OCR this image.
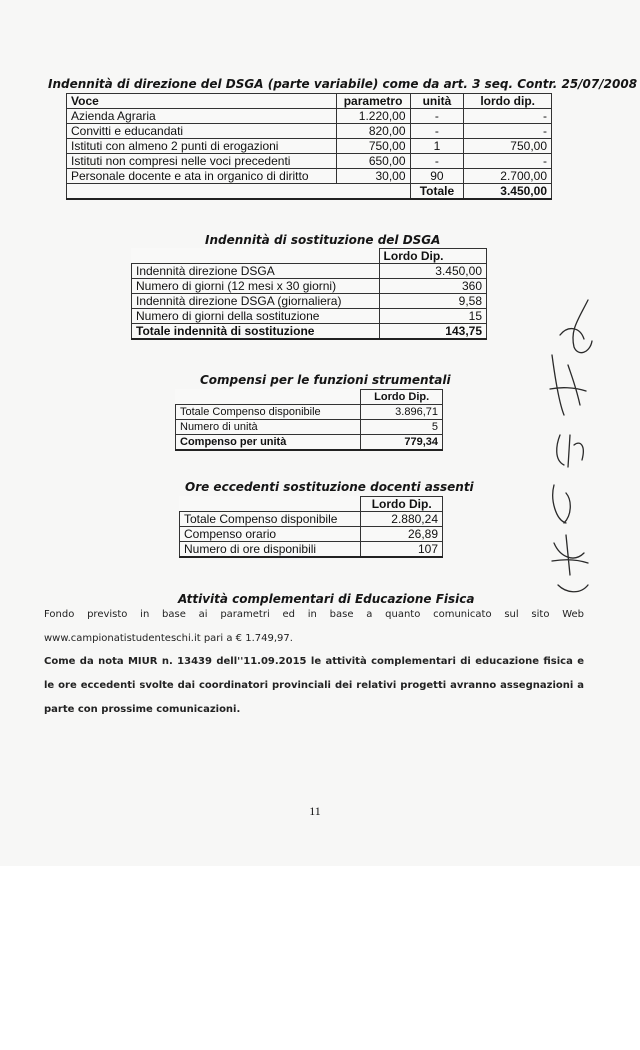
Indennità di direzione del DSGA (parte variabile) come da art. 3 seq. Contr. 25/07/2008
Voce	parametro	unità	lordo dip.
Azienda Agraria	1.220,00	-	-
Convitti e educandati	820,00	-	-
Istituti con almeno 2 punti di erogazioni	750,00	1	750,00
Istituti non compresi nelle voci precedenti	650,00	-	-
Personale docente e ata in organico di diritto	30,00	90	2.700,00
		Totale	3.450,00
Indennità di sostituzione del DSGA
	Lordo Dip.
Indennità direzione DSGA	3.450,00
Numero di giorni (12 mesi x 30 giorni)	360
Indennità direzione DSGA (giornaliera)	9,58
Numero di giorni della sostituzione	15
Totale indennità di sostituzione	143,75
Compensi per le funzioni strumentali
	Lordo Dip.
Totale Compenso disponibile	3.896,71
Numero di unità	5
Compenso per unità	779,34
Ore eccedenti sostituzione docenti assenti
	Lordo Dip.
Totale Compenso disponibile	2.880,24
Compenso orario	26,89
Numero di ore disponibili	107
Attività complementari di Educazione Fisica
Fondo previsto in base ai parametri ed in base a quanto comunicato sul sito Web
www.campionatistudenteschi.it pari a € 1.749,97.
Come da nota MIUR n. 13439 dell''11.09.2015 le attività complementari di educazione fisica e le ore eccedenti svolte dai coordinatori provinciali dei relativi progetti avranno assegnazioni a parte con prossime comunicazioni.
11
